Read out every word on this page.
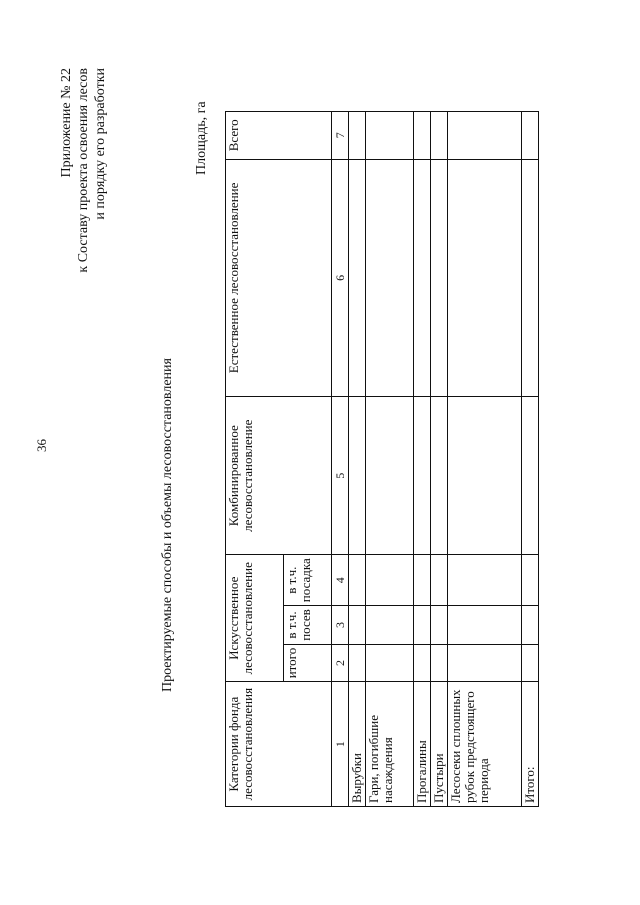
36
Приложение № 22 к Составу проекта освоения лесов и порядку его разработки
Проектируемые способы и объемы лесовосстановления
Площадь, га
Категории фонда лесовосстановления	Искусственное лесовосстановление			Комбинированное лесовосстановление	Естественное лесовосстановление	Всего
	итого	в т.ч. посев	в т.ч. посадка			
1	2	3	4	5	6	7
Вырубки						
Гари, погибшие насаждения						
Прогалины						
Пустыри						
Лесосеки сплошных рубок предстоящего периода						
Итого:						
